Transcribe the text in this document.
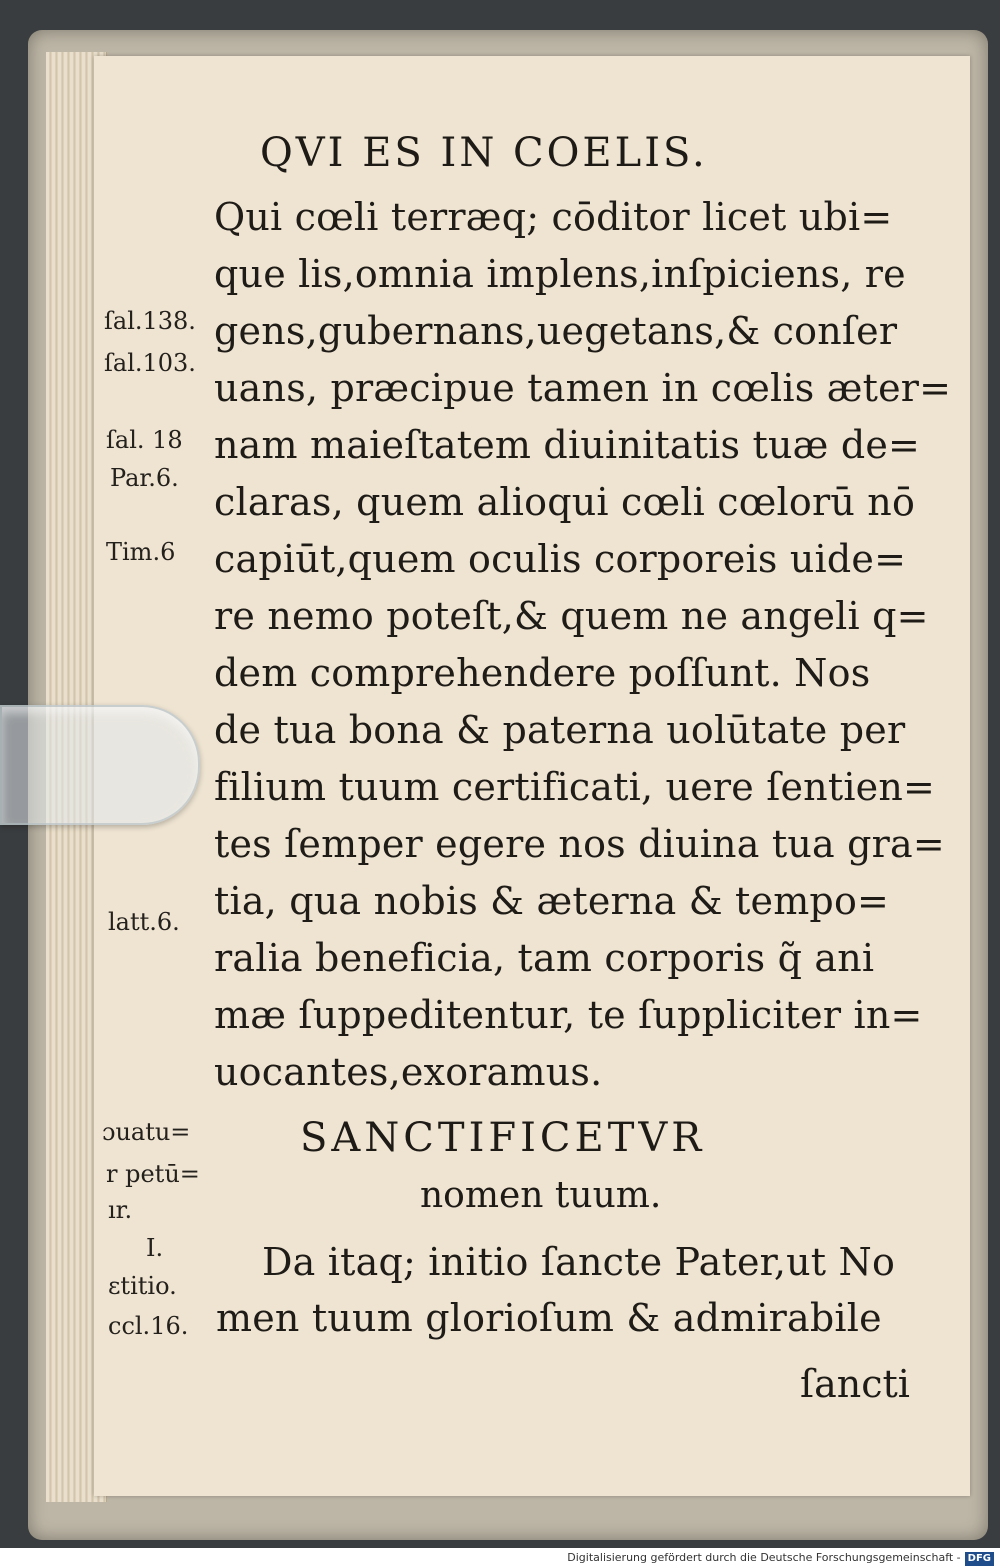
QVI ES IN COELIS.
Qui cœli terræq; cōditor licet ubi=
que lis,omnia implens,inſpiciens, re
gens,gubernans,uegetans,& conſer
uans, præcipue tamen in cœlis æter=
nam maieſtatem diuinitatis tuæ de=
claras, quem alioqui cœli cœlorū nō
capiūt,quem oculis corporeis uide=
re nemo poteſt,& quem ne angeli q=
dem comprehendere poſſunt. Nos
de tua bona & paterna uolūtate per
filium tuum certificati, uere ſentien=
tes ſemper egere nos diuina tua gra=
tia, qua nobis & æterna & tempo=
ralia beneficia, tam corporis q̃ ani
mæ ſuppeditentur, te ſuppliciter in=
uocantes,exoramus.
ſal.138.
ſal.103.
ſal. 18
Par.6.
Tim.6
latt.6.
ɔuatu=
r petū=
ır.
I.
ɛtitio.
ccl.16.
SANCTIFICETVR
nomen tuum.
Da itaq; initio ſancte Pater,ut No
men tuum glorioſum & admirabile
ſancti
Digitalisierung gefördert durch die Deutsche Forschungsgemeinschaft - DFG
